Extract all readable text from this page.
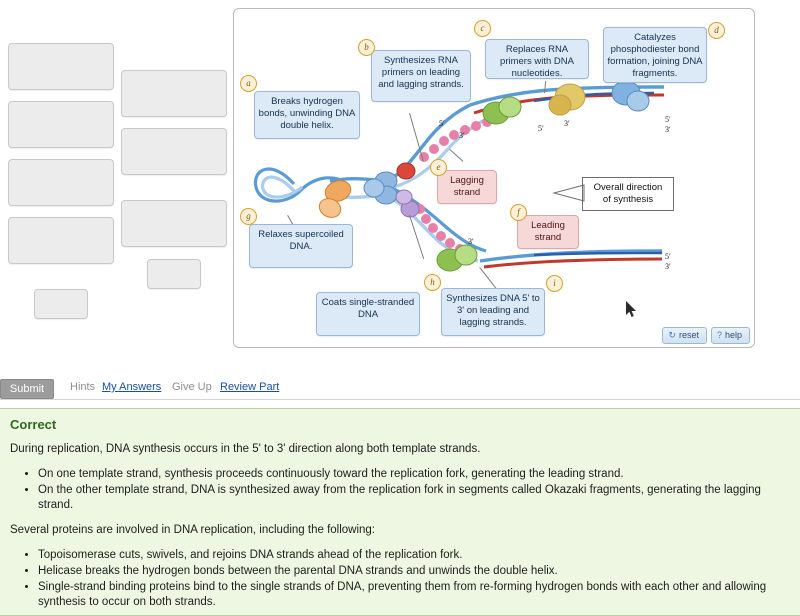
Breaks hydrogen bonds, unwinding DNA double helix.
a
Synthesizes RNA primers on leading and lagging strands.
b	Replaces RNA primers with DNA nucleotides.
c
Catalyzes phosphodiester bond formation, joining DNA fragments.
d
Lagging strand
e
Leading strand
f
Relaxes supercoiled DNA.
g
Coats single-stranded DNA
h
Synthesizes DNA 5' to 3' on leading and lagging strands.
i
Overall direction of synthesis
5′
3′
5′
3′	5′
3′
3′
5′
3′
↻ reset ? help
Submit	Hints My Answers Give Up Review Part
Correct

During replication, DNA synthesis occurs in the 5' to 3' direction along both template strands.

• On one template strand, synthesis proceeds continuously toward the replication fork, generating the leading strand.
• On the other template strand, DNA is synthesized away from the replication fork in segments called Okazaki fragments, generating the lagging strand.

Several proteins are involved in DNA replication, including the following:

• Topoisomerase cuts, swivels, and rejoins DNA strands ahead of the replication fork.
• Helicase breaks the hydrogen bonds between the parental DNA strands and unwinds the double helix.
• Single-strand binding proteins bind to the single strands of DNA, preventing them from re-forming hydrogen bonds with each other and allowing synthesis to occur on both strands.
